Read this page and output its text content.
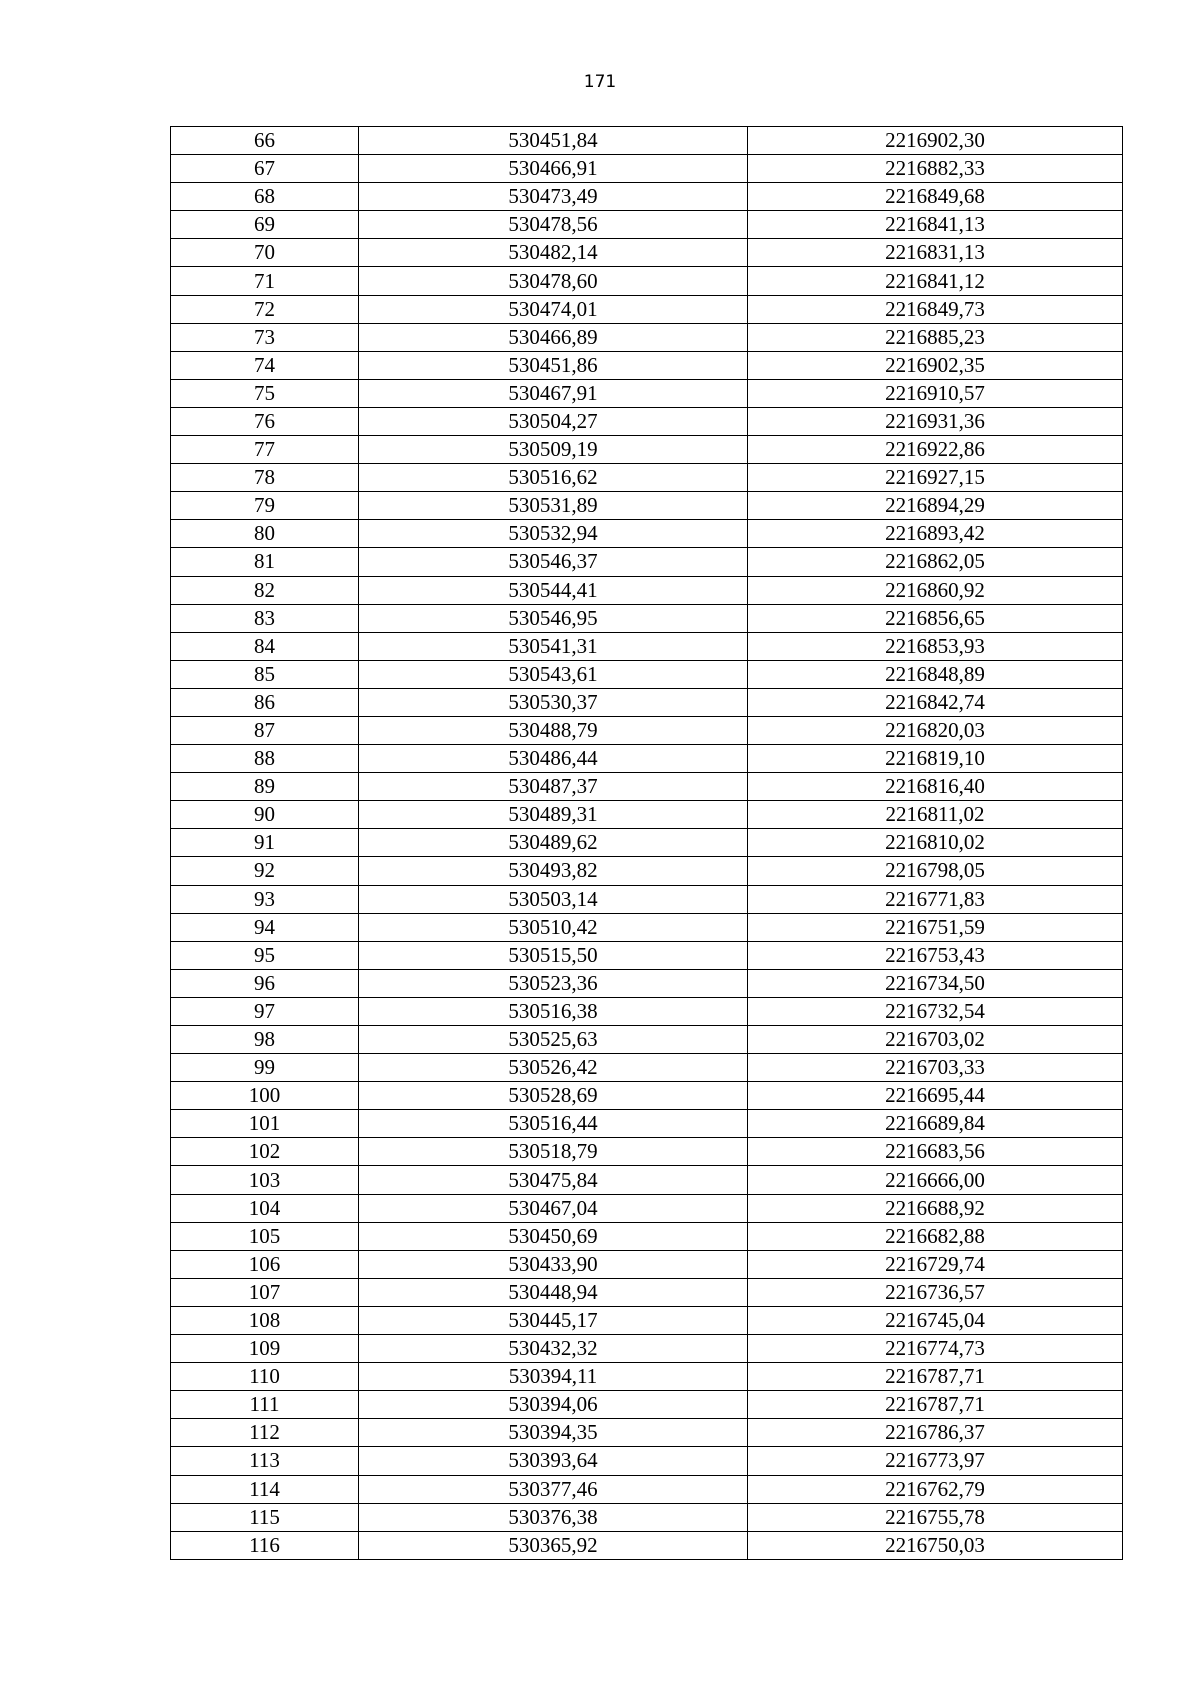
171
66	530451,84	2216902,30
67	530466,91	2216882,33
68	530473,49	2216849,68
69	530478,56	2216841,13
70	530482,14	2216831,13
71	530478,60	2216841,12
72	530474,01	2216849,73
73	530466,89	2216885,23
74	530451,86	2216902,35
75	530467,91	2216910,57
76	530504,27	2216931,36
77	530509,19	2216922,86
78	530516,62	2216927,15
79	530531,89	2216894,29
80	530532,94	2216893,42
81	530546,37	2216862,05
82	530544,41	2216860,92
83	530546,95	2216856,65
84	530541,31	2216853,93
85	530543,61	2216848,89
86	530530,37	2216842,74
87	530488,79	2216820,03
88	530486,44	2216819,10
89	530487,37	2216816,40
90	530489,31	2216811,02
91	530489,62	2216810,02
92	530493,82	2216798,05
93	530503,14	2216771,83
94	530510,42	2216751,59
95	530515,50	2216753,43
96	530523,36	2216734,50
97	530516,38	2216732,54
98	530525,63	2216703,02
99	530526,42	2216703,33
100	530528,69	2216695,44
101	530516,44	2216689,84
102	530518,79	2216683,56
103	530475,84	2216666,00
104	530467,04	2216688,92
105	530450,69	2216682,88
106	530433,90	2216729,74
107	530448,94	2216736,57
108	530445,17	2216745,04
109	530432,32	2216774,73
110	530394,11	2216787,71
111	530394,06	2216787,71
112	530394,35	2216786,37
113	530393,64	2216773,97
114	530377,46	2216762,79
115	530376,38	2216755,78
116	530365,92	2216750,03
